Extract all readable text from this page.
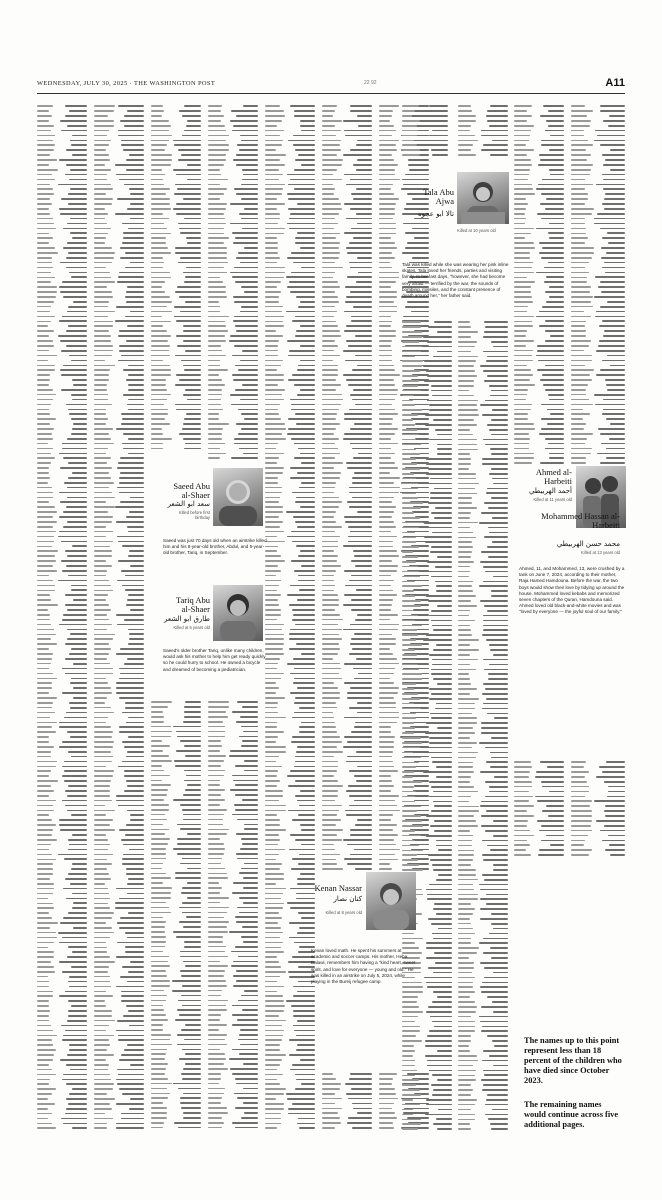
WEDNESDAY, JULY 30, 2025 · THE WASHINGTON POST	22 92	A11
Tala Abu Ajwa
تالا ابو عجوه
Killed at 10 years old
Tala was killed while she was wearing her pink inline skates. Tala loved her friends, parties and visiting family. In her last days, "however, she had become very afraid — terrified by the war, the sounds of bombing, missiles, and the constant presence of death around her," her father said.
Saeed Abu al-Shaer
سعد ابو الشعر
Killed before first birthday
Saeed was just 70 days old when an airstrike killed him and his 8-year-old brother, Abdul, and 5-year-old brother, Tariq, in September.
Tariq Abu al-Shaer
طارق ابو الشعر
Killed at 5 years old
Saeed's older brother Tariq, unlike many children, would ask his mother to help him get ready quickly so he could hurry to school. He owned a bicycle and dreamed of becoming a pediatrician.
Ahmed al-Harbeiti
أحمد الهربيطي
Killed at 11 years old
Mohammed Hassan al-Harbeiti
محمد حسن الهربيطي
Killed at 13 years old
Ahmed, 11, and Mohammed, 13, were crushed by a tank on June 7, 2024, according to their mother, Raja Hamed Hamdouna. Before the war, the two boys would show their love by tidying up around the house. Mohammed loved kebabs and memorized seven chapters of the Quran, Hamdouna said. Ahmed loved old black-and-white movies and was "loved by everyone — the joyful soul of our family."
Kenan Nassar
كنان نصار
Killed at 8 years old
Kenan loved math. He spent his summers at academic and soccer camps. His mother, Heba Balawi, remembers him having a "kind heart, sweet spirit, and love for everyone — young and old." He was killed in an airstrike on July 5, 2024, while playing in the Bureij refugee camp.
The names up to this point represent less than 18 percent of the children who have died since October 2023.
The remaining names would continue across five additional pages.
